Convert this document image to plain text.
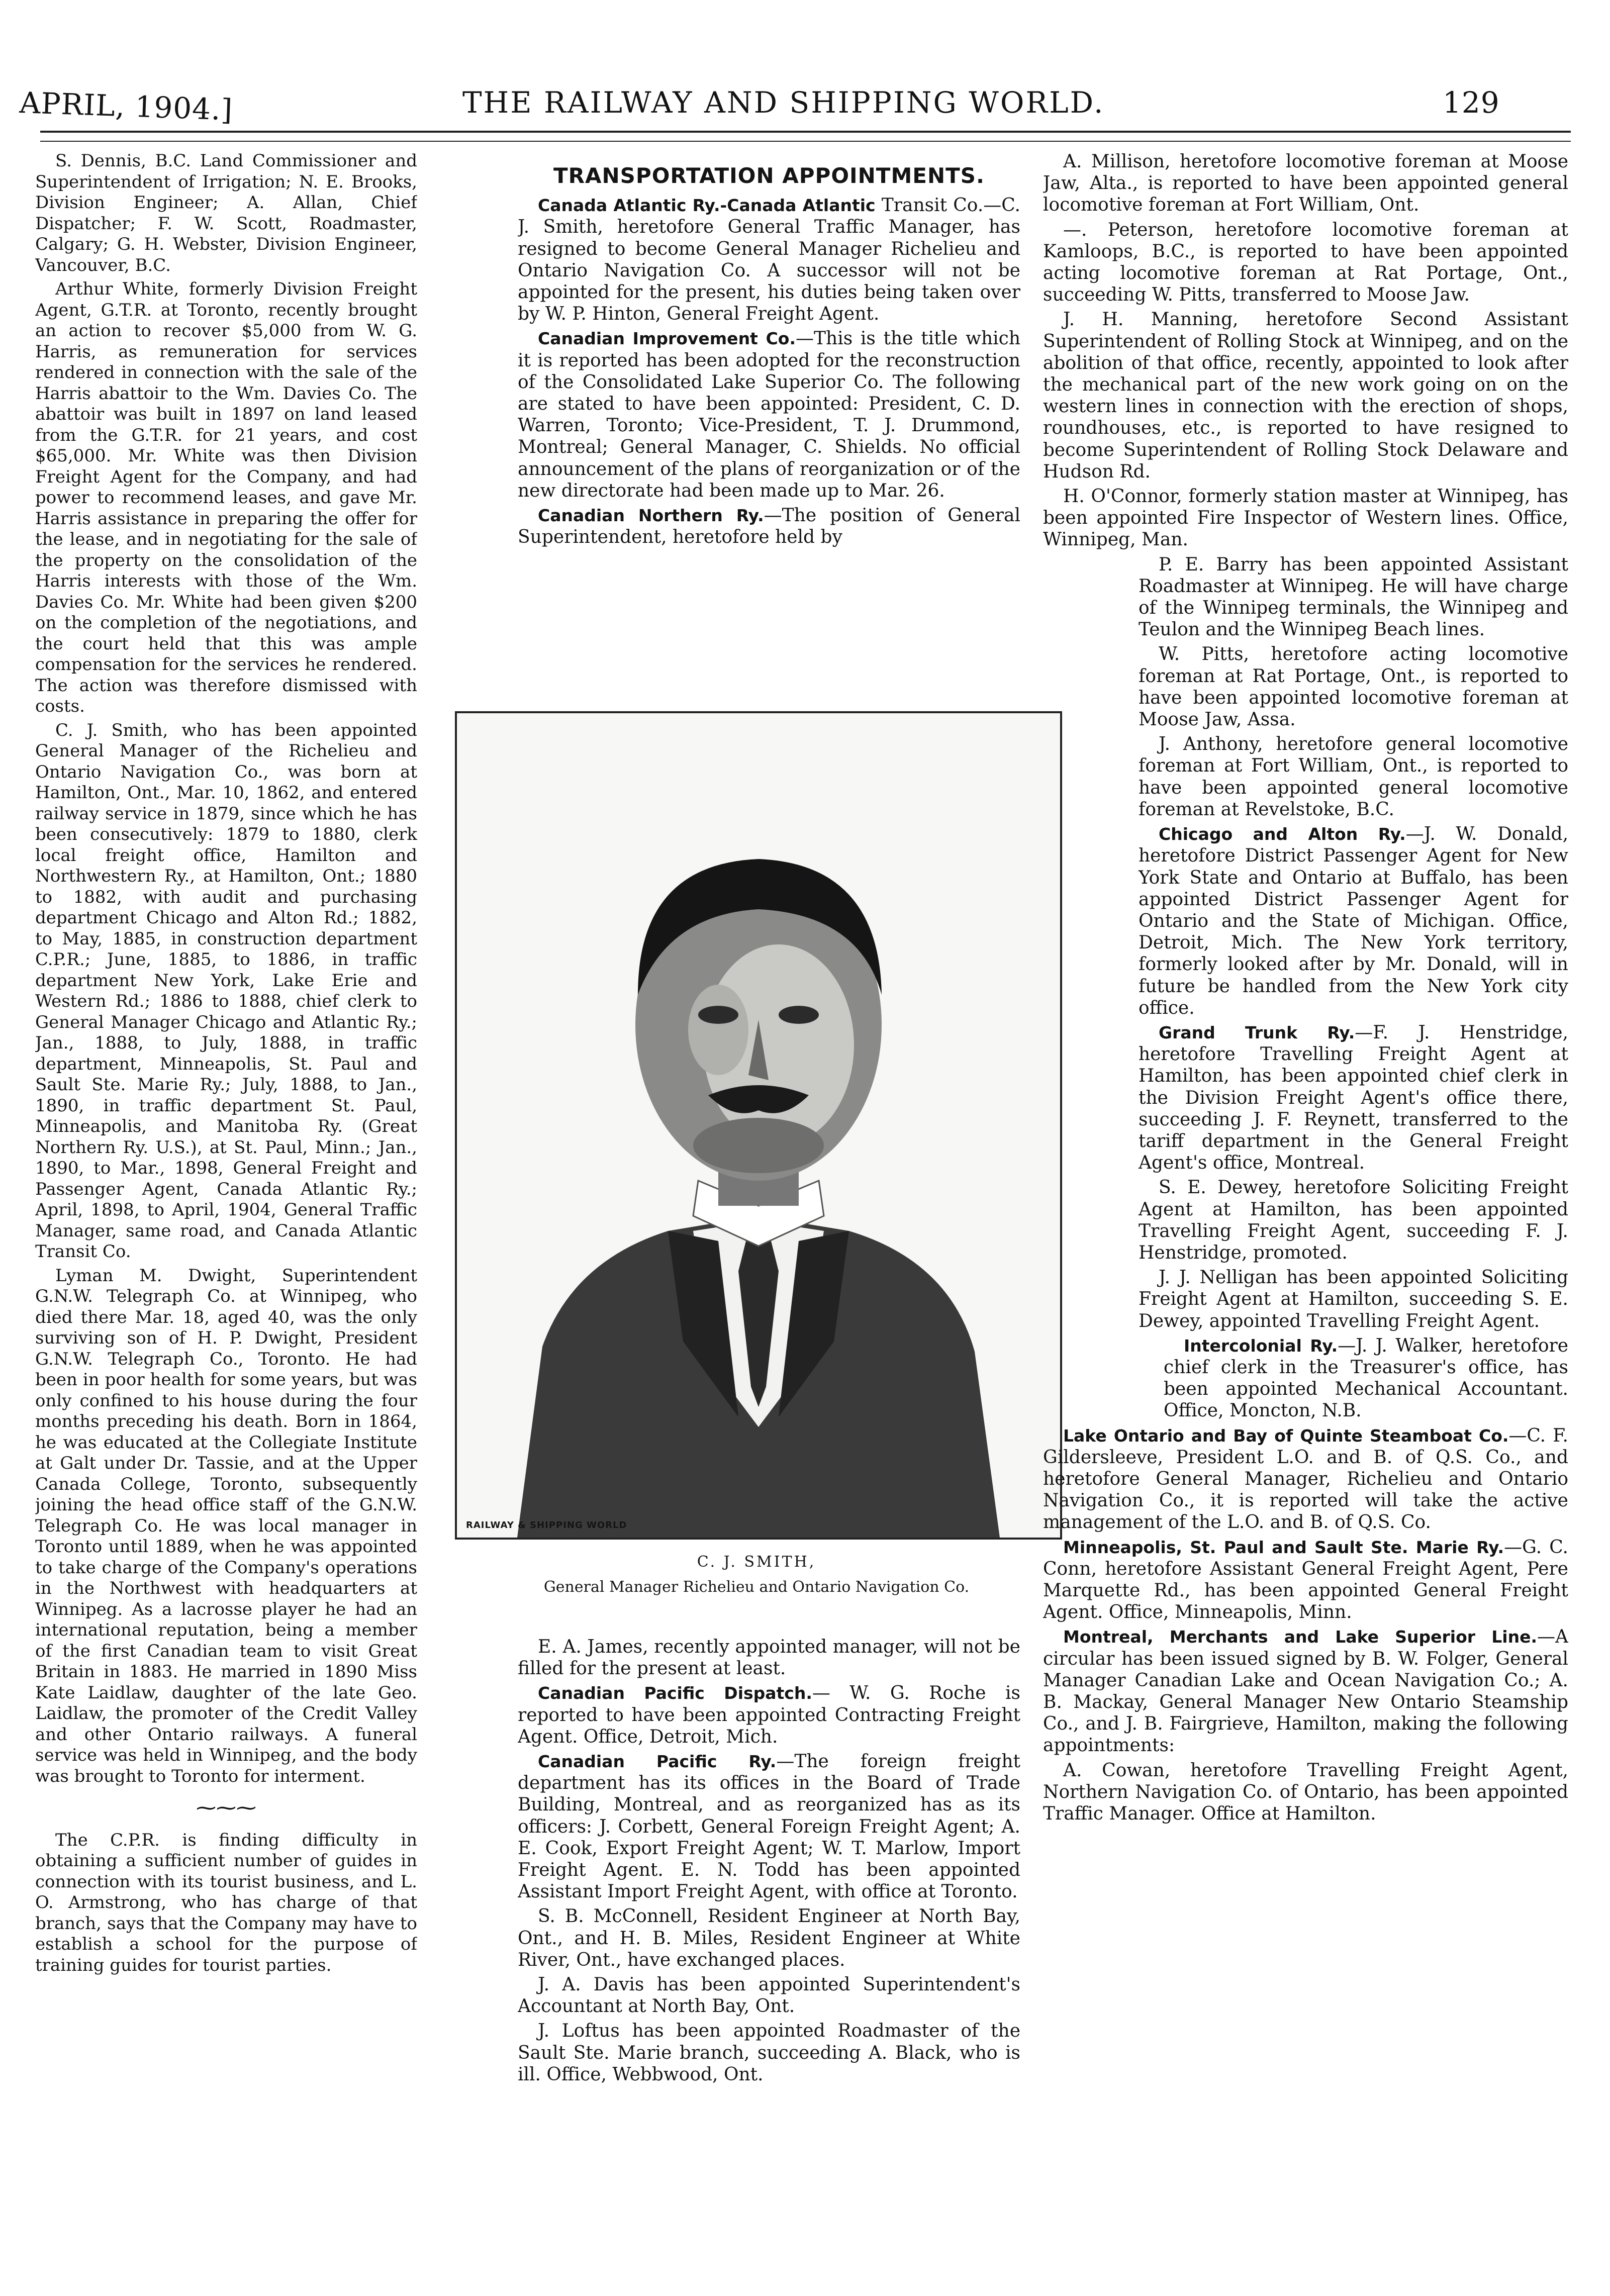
APRIL, 1904.]	THE RAILWAY AND SHIPPING WORLD.	129

S. Dennis, B.C. Land Commissioner and Superintendent of Irrigation; N. E. Brooks, Division Engineer; A. Allan, Chief Dispatcher; F. W. Scott, Roadmaster, Calgary; G. H. Webster, Division Engineer, Vancouver, B.C.

Arthur White, formerly Division Freight Agent, G.T.R. at Toronto, recently brought an action to recover $5,000 from W. G. Harris, as remuneration for services rendered in connection with the sale of the Harris abattoir to the Wm. Davies Co. The abattoir was built in 1897 on land leased from the G.T.R. for 21 years, and cost $65,000. Mr. White was then Division Freight Agent for the Company, and had power to recommend leases, and gave Mr. Harris assistance in preparing the offer for the lease, and in negotiating for the sale of the property on the consolidation of the Harris interests with those of the Wm. Davies Co. Mr. White had been given $200 on the completion of the negotiations, and the court held that this was ample compensation for the services he rendered. The action was therefore dismissed with costs.

C. J. Smith, who has been appointed General Manager of the Richelieu and Ontario Navigation Co., was born at Hamilton, Ont., Mar. 10, 1862, and entered railway service in 1879, since which he has been consecutively: 1879 to 1880, clerk local freight office, Hamilton and Northwestern Ry., at Hamilton, Ont.; 1880 to 1882, with audit and purchasing department Chicago and Alton Rd.; 1882, to May, 1885, in construction department C.P.R.; June, 1885, to 1886, in traffic department New York, Lake Erie and Western Rd.; 1886 to 1888, chief clerk to General Manager Chicago and Atlantic Ry.; Jan., 1888, to July, 1888, in traffic department, Minneapolis, St. Paul and Sault Ste. Marie Ry.; July, 1888, to Jan., 1890, in traffic department St. Paul, Minneapolis, and Manitoba Ry. (Great Northern Ry. U.S.), at St. Paul, Minn.; Jan., 1890, to Mar., 1898, General Freight and Passenger Agent, Canada Atlantic Ry.; April, 1898, to April, 1904, General Traffic Manager, same road, and Canada Atlantic Transit Co.

Lyman M. Dwight, Superintendent G.N.W. Telegraph Co. at Winnipeg, who died there Mar. 18, aged 40, was the only surviving son of H. P. Dwight, President G.N.W. Telegraph Co., Toronto. He had been in poor health for some years, but was only confined to his house during the four months preceding his death. Born in 1864, he was educated at the Collegiate Institute at Galt under Dr. Tassie, and at the Upper Canada College, Toronto, subsequently joining the head office staff of the G.N.W. Telegraph Co. He was local manager in Toronto until 1889, when he was appointed to take charge of the Company's operations in the Northwest with headquarters at Winnipeg. As a lacrosse player he had an international reputation, being a member of the first Canadian team to visit Great Britain in 1883. He married in 1890 Miss Kate Laidlaw, daughter of the late Geo. Laidlaw, the promoter of the Credit Valley and other Ontario railways. A funeral service was held in Winnipeg, and the body was brought to Toronto for interment.

⁓⁓⁓

The C.P.R. is finding difficulty in obtaining a sufficient number of guides in connection with its tourist business, and L. O. Armstrong, who has charge of that branch, says that the Company may have to establish a school for the purpose of training guides for tourist parties.

TRANSPORTATION APPOINTMENTS.

Canada Atlantic Ry.-Canada Atlantic Transit Co.—C. J. Smith, heretofore General Traffic Manager, has resigned to become General Manager Richelieu and Ontario Navigation Co. A successor will not be appointed for the present, his duties being taken over by W. P. Hinton, General Freight Agent.

Canadian Improvement Co.—This is the title which it is reported has been adopted for the reconstruction of the Consolidated Lake Superior Co. The following are stated to have been appointed: President, C. D. Warren, Toronto; Vice-President, T. J. Drummond, Montreal; General Manager, C. Shields. No official announcement of the plans of reorganization or of the new directorate had been made up to Mar. 26.

Canadian Northern Ry.—The position of General Superintendent, heretofore held by

RAILWAY & SHIPPING WORLD
C. J. SMITH,
General Manager Richelieu and Ontario Navigation Co.

E. A. James, recently appointed manager, will not be filled for the present at least.

Canadian Pacific Dispatch.— W. G. Roche is reported to have been appointed Contracting Freight Agent. Office, Detroit, Mich.

Canadian Pacific Ry.—The foreign freight department has its offices in the Board of Trade Building, Montreal, and as reorganized has as its officers: J. Corbett, General Foreign Freight Agent; A. E. Cook, Export Freight Agent; W. T. Marlow, Import Freight Agent. E. N. Todd has been appointed Assistant Import Freight Agent, with office at Toronto.

S. B. McConnell, Resident Engineer at North Bay, Ont., and H. B. Miles, Resident Engineer at White River, Ont., have exchanged places.

J. A. Davis has been appointed Superintendent's Accountant at North Bay, Ont.

J. Loftus has been appointed Roadmaster of the Sault Ste. Marie branch, succeeding A. Black, who is ill. Office, Webbwood, Ont.

A. Millison, heretofore locomotive foreman at Moose Jaw, Alta., is reported to have been appointed general locomotive foreman at Fort William, Ont.

—. Peterson, heretofore locomotive foreman at Kamloops, B.C., is reported to have been appointed acting locomotive foreman at Rat Portage, Ont., succeeding W. Pitts, transferred to Moose Jaw.

J. H. Manning, heretofore Second Assistant Superintendent of Rolling Stock at Winnipeg, and on the abolition of that office, recently, appointed to look after the mechanical part of the new work going on on the western lines in connection with the erection of shops, roundhouses, etc., is reported to have resigned to become Superintendent of Rolling Stock Delaware and Hudson Rd.

H. O'Connor, formerly station master at Winnipeg, has been appointed Fire Inspector of Western lines. Office, Winnipeg, Man.

P. E. Barry has been appointed Assistant Roadmaster at Winnipeg. He will have charge of the Winnipeg terminals, the Winnipeg and Teulon and the Winnipeg Beach lines.

W. Pitts, heretofore acting locomotive foreman at Rat Portage, Ont., is reported to have been appointed locomotive foreman at Moose Jaw, Assa.

J. Anthony, heretofore general locomotive foreman at Fort William, Ont., is reported to have been appointed general locomotive foreman at Revelstoke, B.C.

Chicago and Alton Ry.—J. W. Donald, heretofore District Passenger Agent for New York State and Ontario at Buffalo, has been appointed District Passenger Agent for Ontario and the State of Michigan. Office, Detroit, Mich. The New York territory, formerly looked after by Mr. Donald, will in future be handled from the New York city office.

Grand Trunk Ry.—F. J. Henstridge, heretofore Travelling Freight Agent at Hamilton, has been appointed chief clerk in the Division Freight Agent's office there, succeeding J. F. Reynett, transferred to the tariff department in the General Freight Agent's office, Montreal.

S. E. Dewey, heretofore Soliciting Freight Agent at Hamilton, has been appointed Travelling Freight Agent, succeeding F. J. Henstridge, promoted.

J. J. Nelligan has been appointed Soliciting Freight Agent at Hamilton, succeeding S. E. Dewey, appointed Travelling Freight Agent.

Intercolonial Ry.—J. J. Walker, heretofore chief clerk in the Treasurer's office, has been appointed Mechanical Accountant. Office, Moncton, N.B.

Lake Ontario and Bay of Quinte Steamboat Co.—C. F. Gildersleeve, President L.O. and B. of Q.S. Co., and heretofore General Manager, Richelieu and Ontario Navigation Co., it is reported will take the active management of the L.O. and B. of Q.S. Co.

Minneapolis, St. Paul and Sault Ste. Marie Ry.—G. C. Conn, heretofore Assistant General Freight Agent, Pere Marquette Rd., has been appointed General Freight Agent. Office, Minneapolis, Minn.

Montreal, Merchants and Lake Superior Line.—A circular has been issued signed by B. W. Folger, General Manager Canadian Lake and Ocean Navigation Co.; A. B. Mackay, General Manager New Ontario Steamship Co., and J. B. Fairgrieve, Hamilton, making the following appointments:

A. Cowan, heretofore Travelling Freight Agent, Northern Navigation Co. of Ontario, has been appointed Traffic Manager. Office at Hamilton.
